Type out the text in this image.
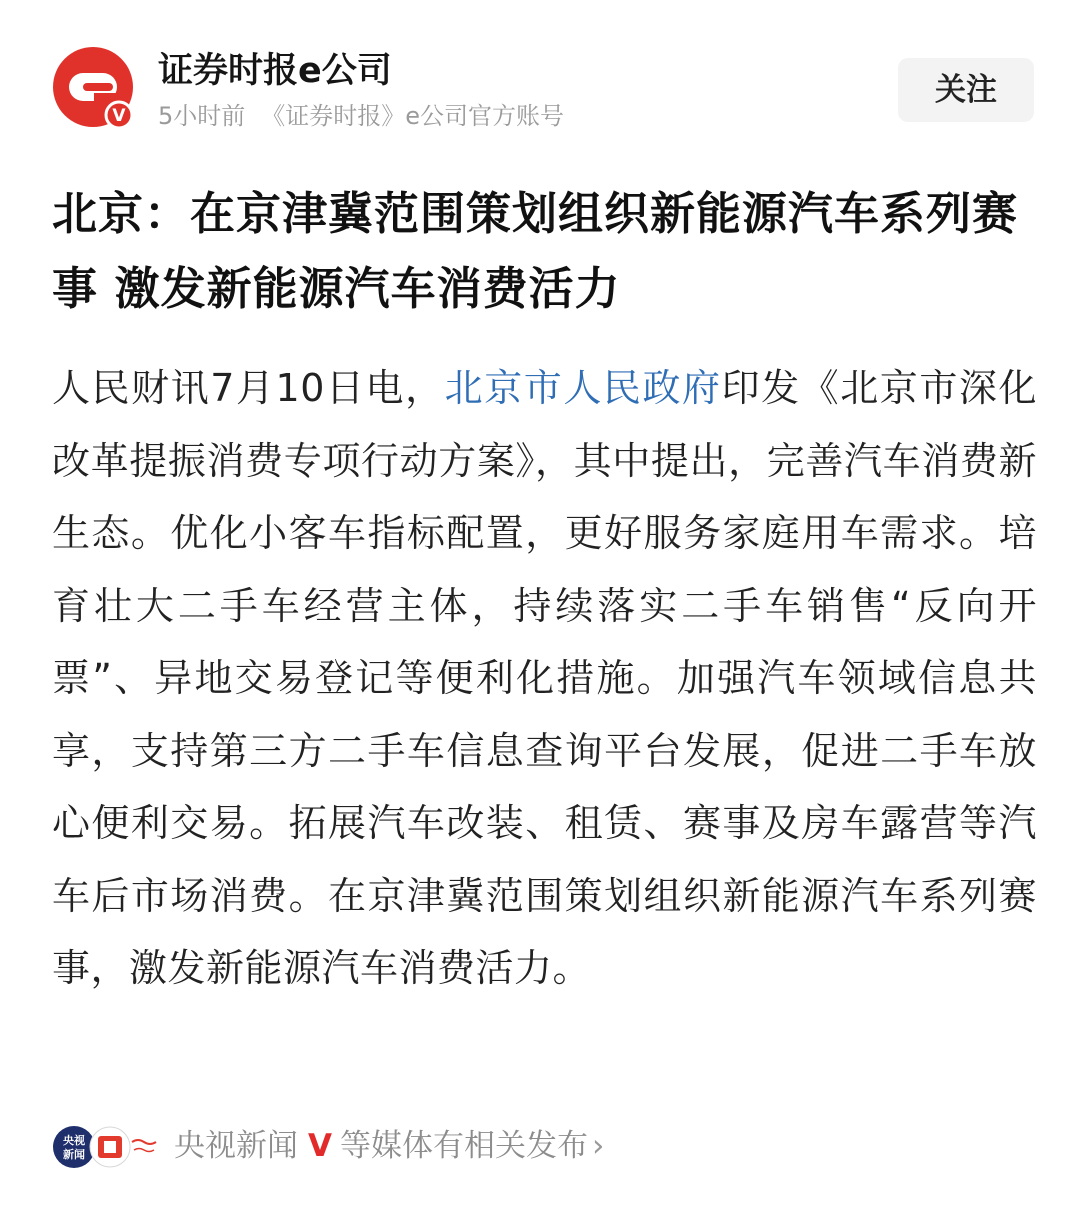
V
证券时报e公司
5小时前 《证券时报》e公司官方账号
关注
北京：在京津冀范围策划组织新能源汽车系列赛事 激发新能源汽车消费活力

人民财讯7月10日电，北京市人民政府印发《北京市深化改革提振消费专项行动方案》，其中提出，完善汽车消费新生态。优化小客车指标配置，更好服务家庭用车需求。培育壮大二手车经营主体，持续落实二手车销售“反向开票”、异地交易登记等便利化措施。加强汽车领域信息共享，支持第三方二手车信息查询平台发展，促进二手车放心便利交易。拓展汽车改装、租赁、赛事及房车露营等汽车后市场消费。在京津冀范围策划组织新能源汽车系列赛事，激发新能源汽车消费活力。

央视
新闻	央视新闻 V 等媒体有相关发布 ›
